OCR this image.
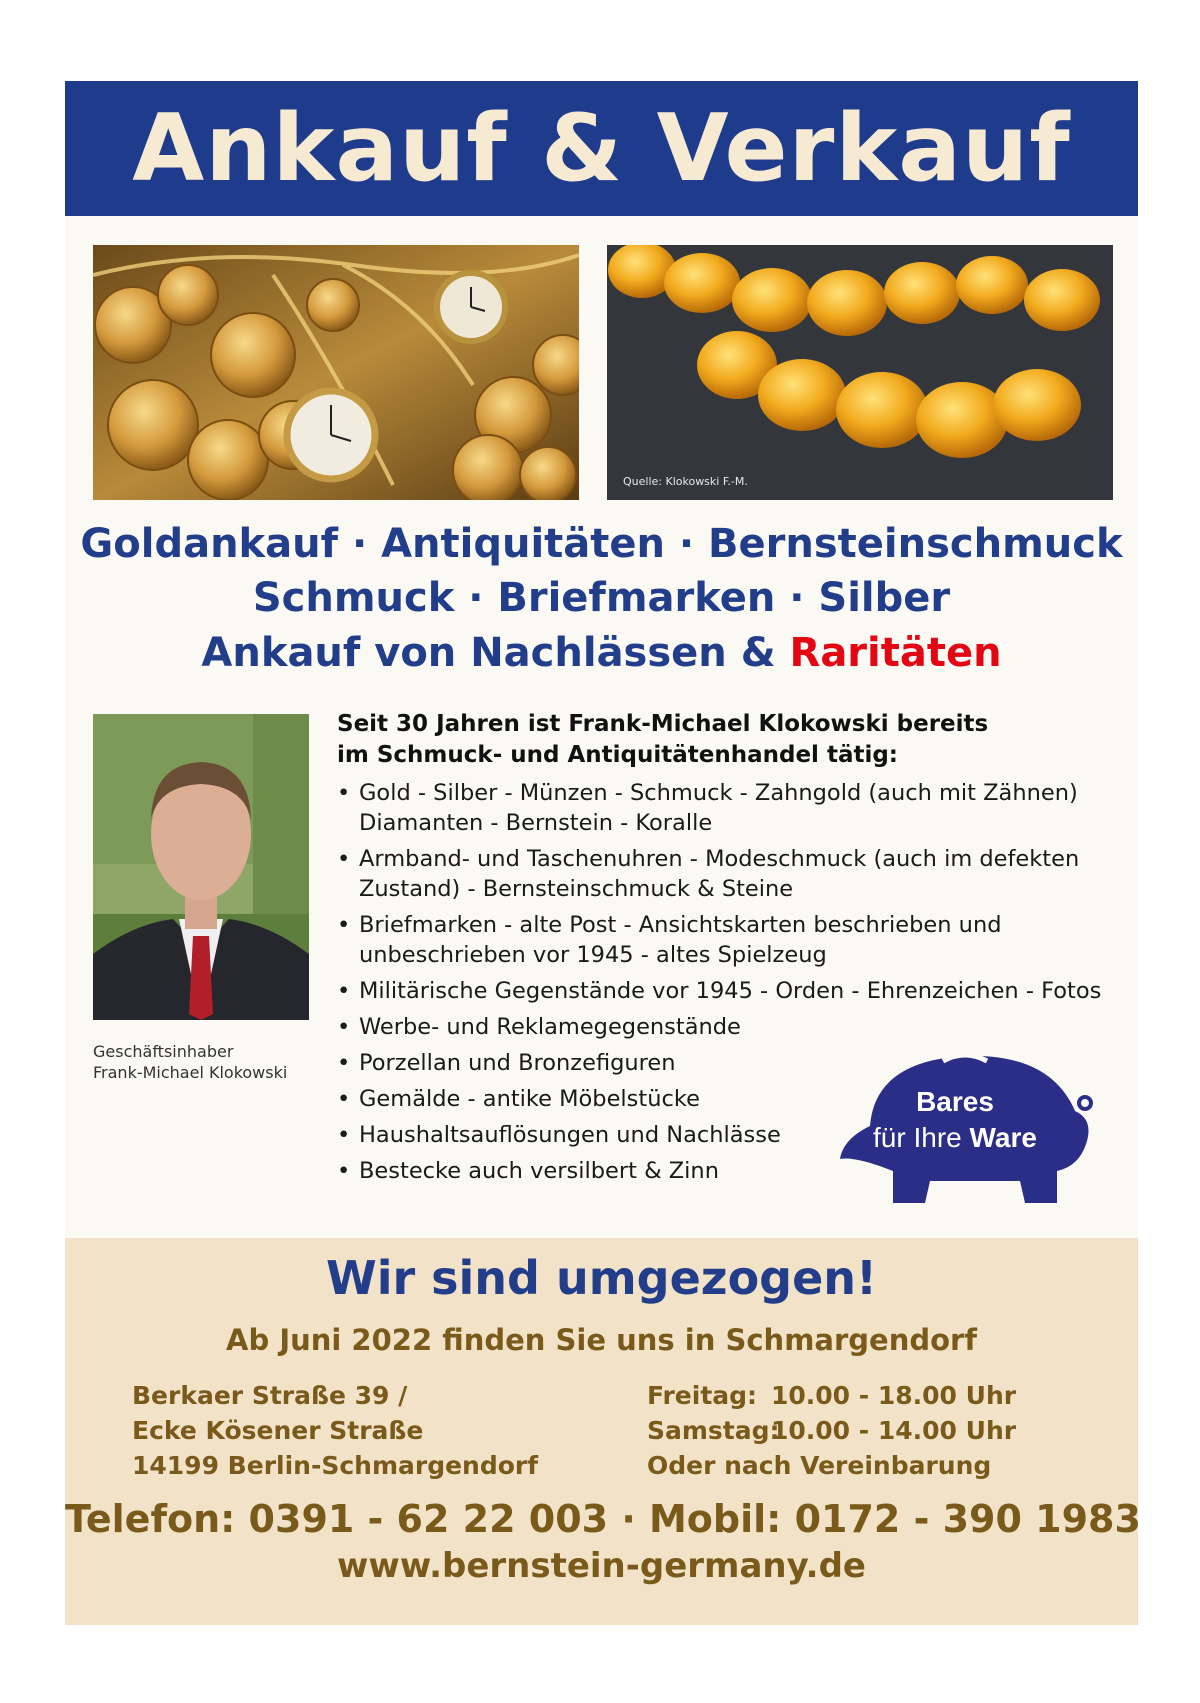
Ankauf & Verkauf
Quelle: Klokowski F.-M.
Goldankauf · Antiquitäten · Bernsteinschmuck
Schmuck · Briefmarken · Silber
Ankauf von Nachlässen & Raritäten
Geschäftsinhaber
Frank-Michael Klokowski
Seit 30 Jahren ist Frank-Michael Klokowski bereits
im Schmuck- und Antiquitätenhandel tätig:
• Gold - Silber - Münzen - Schmuck - Zahngold (auch mit Zähnen)
Diamanten - Bernstein - Koralle
• Armband- und Taschenuhren - Modeschmuck (auch im defekten
Zustand) - Bernsteinschmuck & Steine
• Briefmarken - alte Post - Ansichtskarten beschrieben und
unbeschrieben vor 1945 - altes Spielzeug
• Militärische Gegenstände vor 1945 - Orden - Ehrenzeichen - Fotos
• Werbe- und Reklamegegenstände
• Porzellan und Bronzefiguren
• Gemälde - antike Möbelstücke
• Haushaltsauflösungen und Nachlässe
• Bestecke auch versilbert & Zinn
Bares
für Ihre Ware
Wir sind umgezogen!
Ab Juni 2022 finden Sie uns in Schmargendorf
Berkaer Straße 39 /
Ecke Kösener Straße
14199 Berlin-Schmargendorf
Freitag: 10.00 - 18.00 Uhr
Samstag:10.00 - 14.00 Uhr
Oder nach Vereinbarung
Telefon: 0391 - 62 22 003 · Mobil: 0172 - 390 1983
www.bernstein-germany.de
